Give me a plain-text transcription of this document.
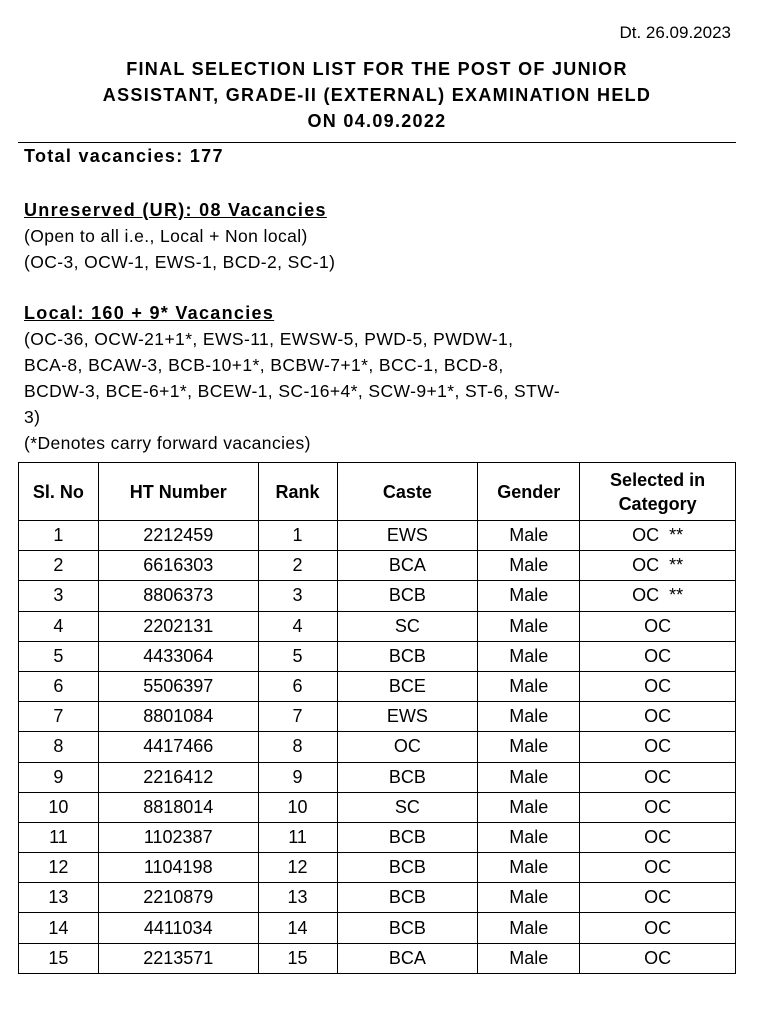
Dt. 26.09.2023
FINAL SELECTION LIST FOR THE POST OF JUNIOR
ASSISTANT, GRADE-II (EXTERNAL) EXAMINATION HELD
ON 04.09.2022
Total vacancies: 177
Unreserved (UR): 08 Vacancies
(Open to all i.e., Local + Non local)
(OC-3, OCW-1, EWS-1, BCD-2, SC-1)
Local: 160 + 9* Vacancies
(OC-36, OCW-21+1*, EWS-11, EWSW-5, PWD-5, PWDW-1,
BCA-8, BCAW-3, BCB-10+1*, BCBW-7+1*, BCC-1, BCD-8,
BCDW-3, BCE-6+1*, BCEW-1, SC-16+4*, SCW-9+1*, ST-6, STW-
3)
(*Denotes carry forward vacancies)
Sl. No	HT Number	Rank	Caste	Gender	Selected in Category
1	2212459	1	EWS	Male	OC  **
2	6616303	2	BCA	Male	OC  **
3	8806373	3	BCB	Male	OC  **
4	2202131	4	SC	Male	OC
5	4433064	5	BCB	Male	OC
6	5506397	6	BCE	Male	OC
7	8801084	7	EWS	Male	OC
8	4417466	8	OC	Male	OC
9	2216412	9	BCB	Male	OC
10	8818014	10	SC	Male	OC
11	1102387	11	BCB	Male	OC
12	1104198	12	BCB	Male	OC
13	2210879	13	BCB	Male	OC
14	4411034	14	BCB	Male	OC
15	2213571	15	BCA	Male	OC
